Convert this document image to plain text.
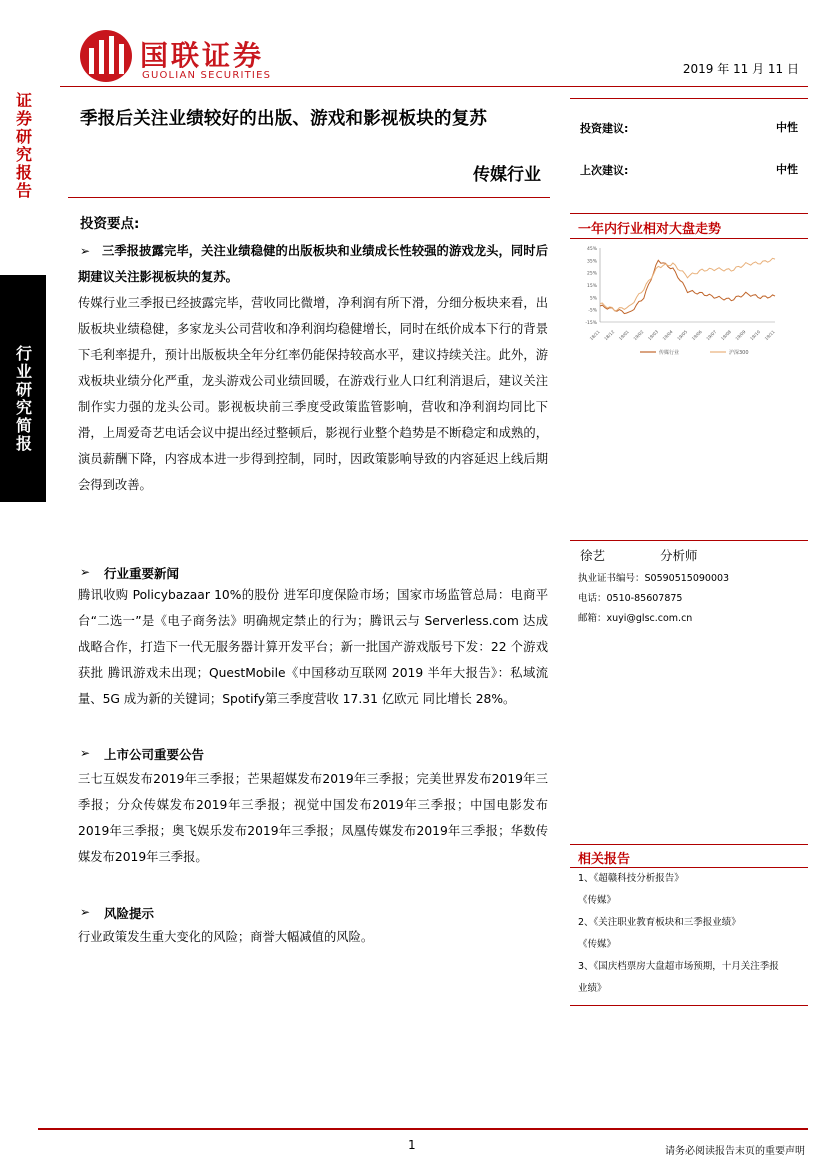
国联证券
GUOLIAN SECURITIES	2019 年 11 月 11 日
证
券
研
究
报
告
行
业
研
究
简
报
季报后关注业绩较好的出版、游戏和影视板块的复苏
传媒行业
投资建议:	中性
上次建议:	中性
投资要点:
➢ 三季报披露完毕，关注业绩稳健的出版板块和业绩成长性较强的游戏龙头，同时后期建议关注影视板块的复苏。
传媒行业三季报已经披露完毕，营收同比微增，净利润有所下滑，分细分板块来看，出版板块业绩稳健，多家龙头公司营收和净利润均稳健增长，同时在纸价成本下行的背景下毛利率提升，预计出版板块全年分红率仍能保持较高水平，建议持续关注。此外，游戏板块业绩分化严重，龙头游戏公司业绩回暖，在游戏行业人口红利消退后，建议关注制作实力强的龙头公司。影视板块前三季度受政策监管影响，营收和净利润均同比下滑，上周爱奇艺电话会议中提出经过整顿后，影视行业整个趋势是不断稳定和成熟的，演员薪酬下降，内容成本进一步得到控制，同时，因政策影响导致的内容延迟上线后期会得到改善。
➢ 行业重要新闻
腾讯收购 Policybazaar 10%的股份 进军印度保险市场；国家市场监管总局：电商平台“二选一”是《电子商务法》明确规定禁止的行为；腾讯云与 Serverless.com 达成战略合作，打造下一代无服务器计算开发平台；新一批国产游戏版号下发：22 个游戏获批 腾讯游戏未出现；QuestMobile《中国移动互联网 2019 半年大报告》：私域流量、5G 成为新的关键词；Spotify第三季度营收 17.31 亿欧元 同比增长 28%。
➢ 上市公司重要公告
三七互娱发布2019年三季报；芒果超媒发布2019年三季报；完美世界发布2019年三季报；分众传媒发布2019年三季报；视觉中国发布2019年三季报；中国电影发布2019年三季报；奥飞娱乐发布2019年三季报；凤凰传媒发布2019年三季报；华数传媒发布2019年三季报。
➢ 风险提示
行业政策发生重大变化的风险；商誉大幅减值的风险。
一年内行业相对大盘走势
45%
35%
25%
15%
5%
-5%
-15%
18/11 18/12 19/01 19/02 19/03 19/04 19/05 19/06 19/07 19/08 19/09 19/10 19/11
传媒行业	沪深300
徐艺	分析师
执业证书编号：S0590515090003
电话：0510-85607875
邮箱：xuyi@glsc.com.cn
相关报告
1、《超赣科技分析报告》
《传媒》
2、《关注职业教育板块和三季报业绩》
《传媒》
3、《国庆档票房大盘超市场预期，十月关注季报
业绩》
1	请务必阅读报告末页的重要声明
